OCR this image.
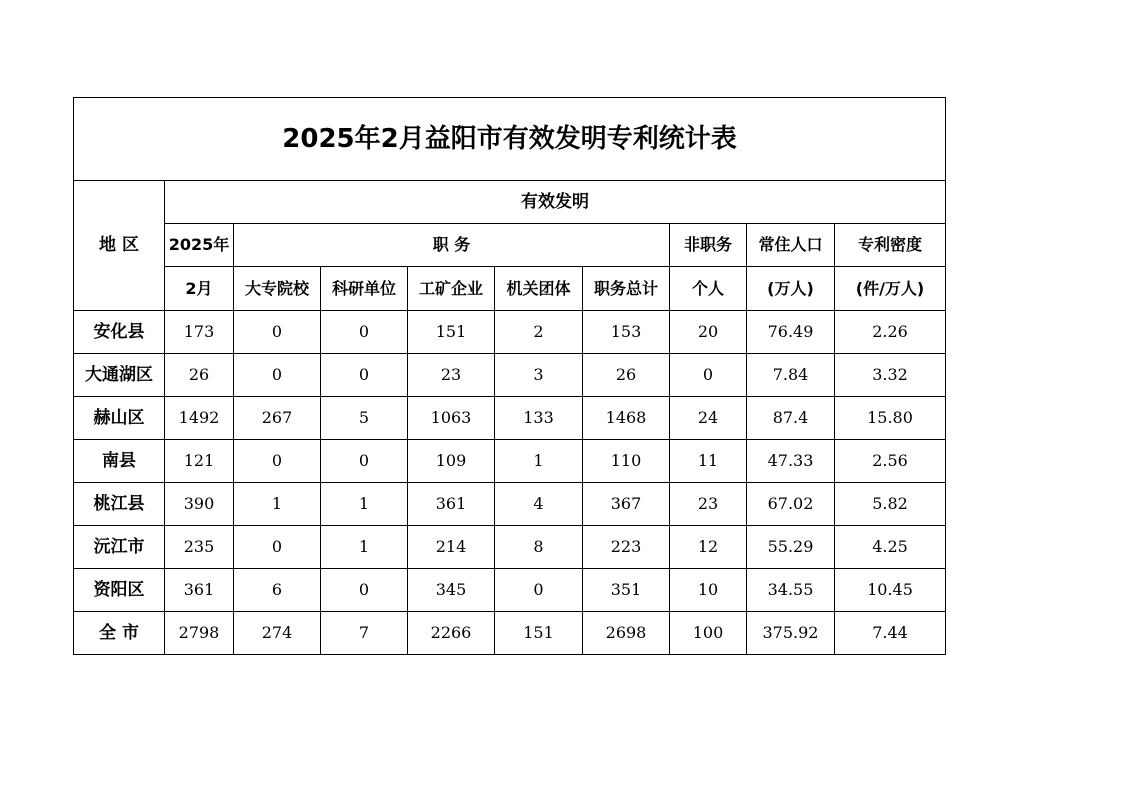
2025年2月益阳市有效发明专利统计表									
地 区	有效发明								
	2025年	职 务					非职务	常住人口	专利密度
	2月	大专院校	科研单位	工矿企业	机关团体	职务总计	个人	(万人)	(件/万人)
安化县	173	0	0	151	2	153	20	76.49	2.26
大通湖区	26	0	0	23	3	26	0	7.84	3.32
赫山区	1492	267	5	1063	133	1468	24	87.4	15.80
南县	121	0	0	109	1	110	11	47.33	2.56
桃江县	390	1	1	361	4	367	23	67.02	5.82
沅江市	235	0	1	214	8	223	12	55.29	4.25
资阳区	361	6	0	345	0	351	10	34.55	10.45
全 市	2798	274	7	2266	151	2698	100	375.92	7.44
